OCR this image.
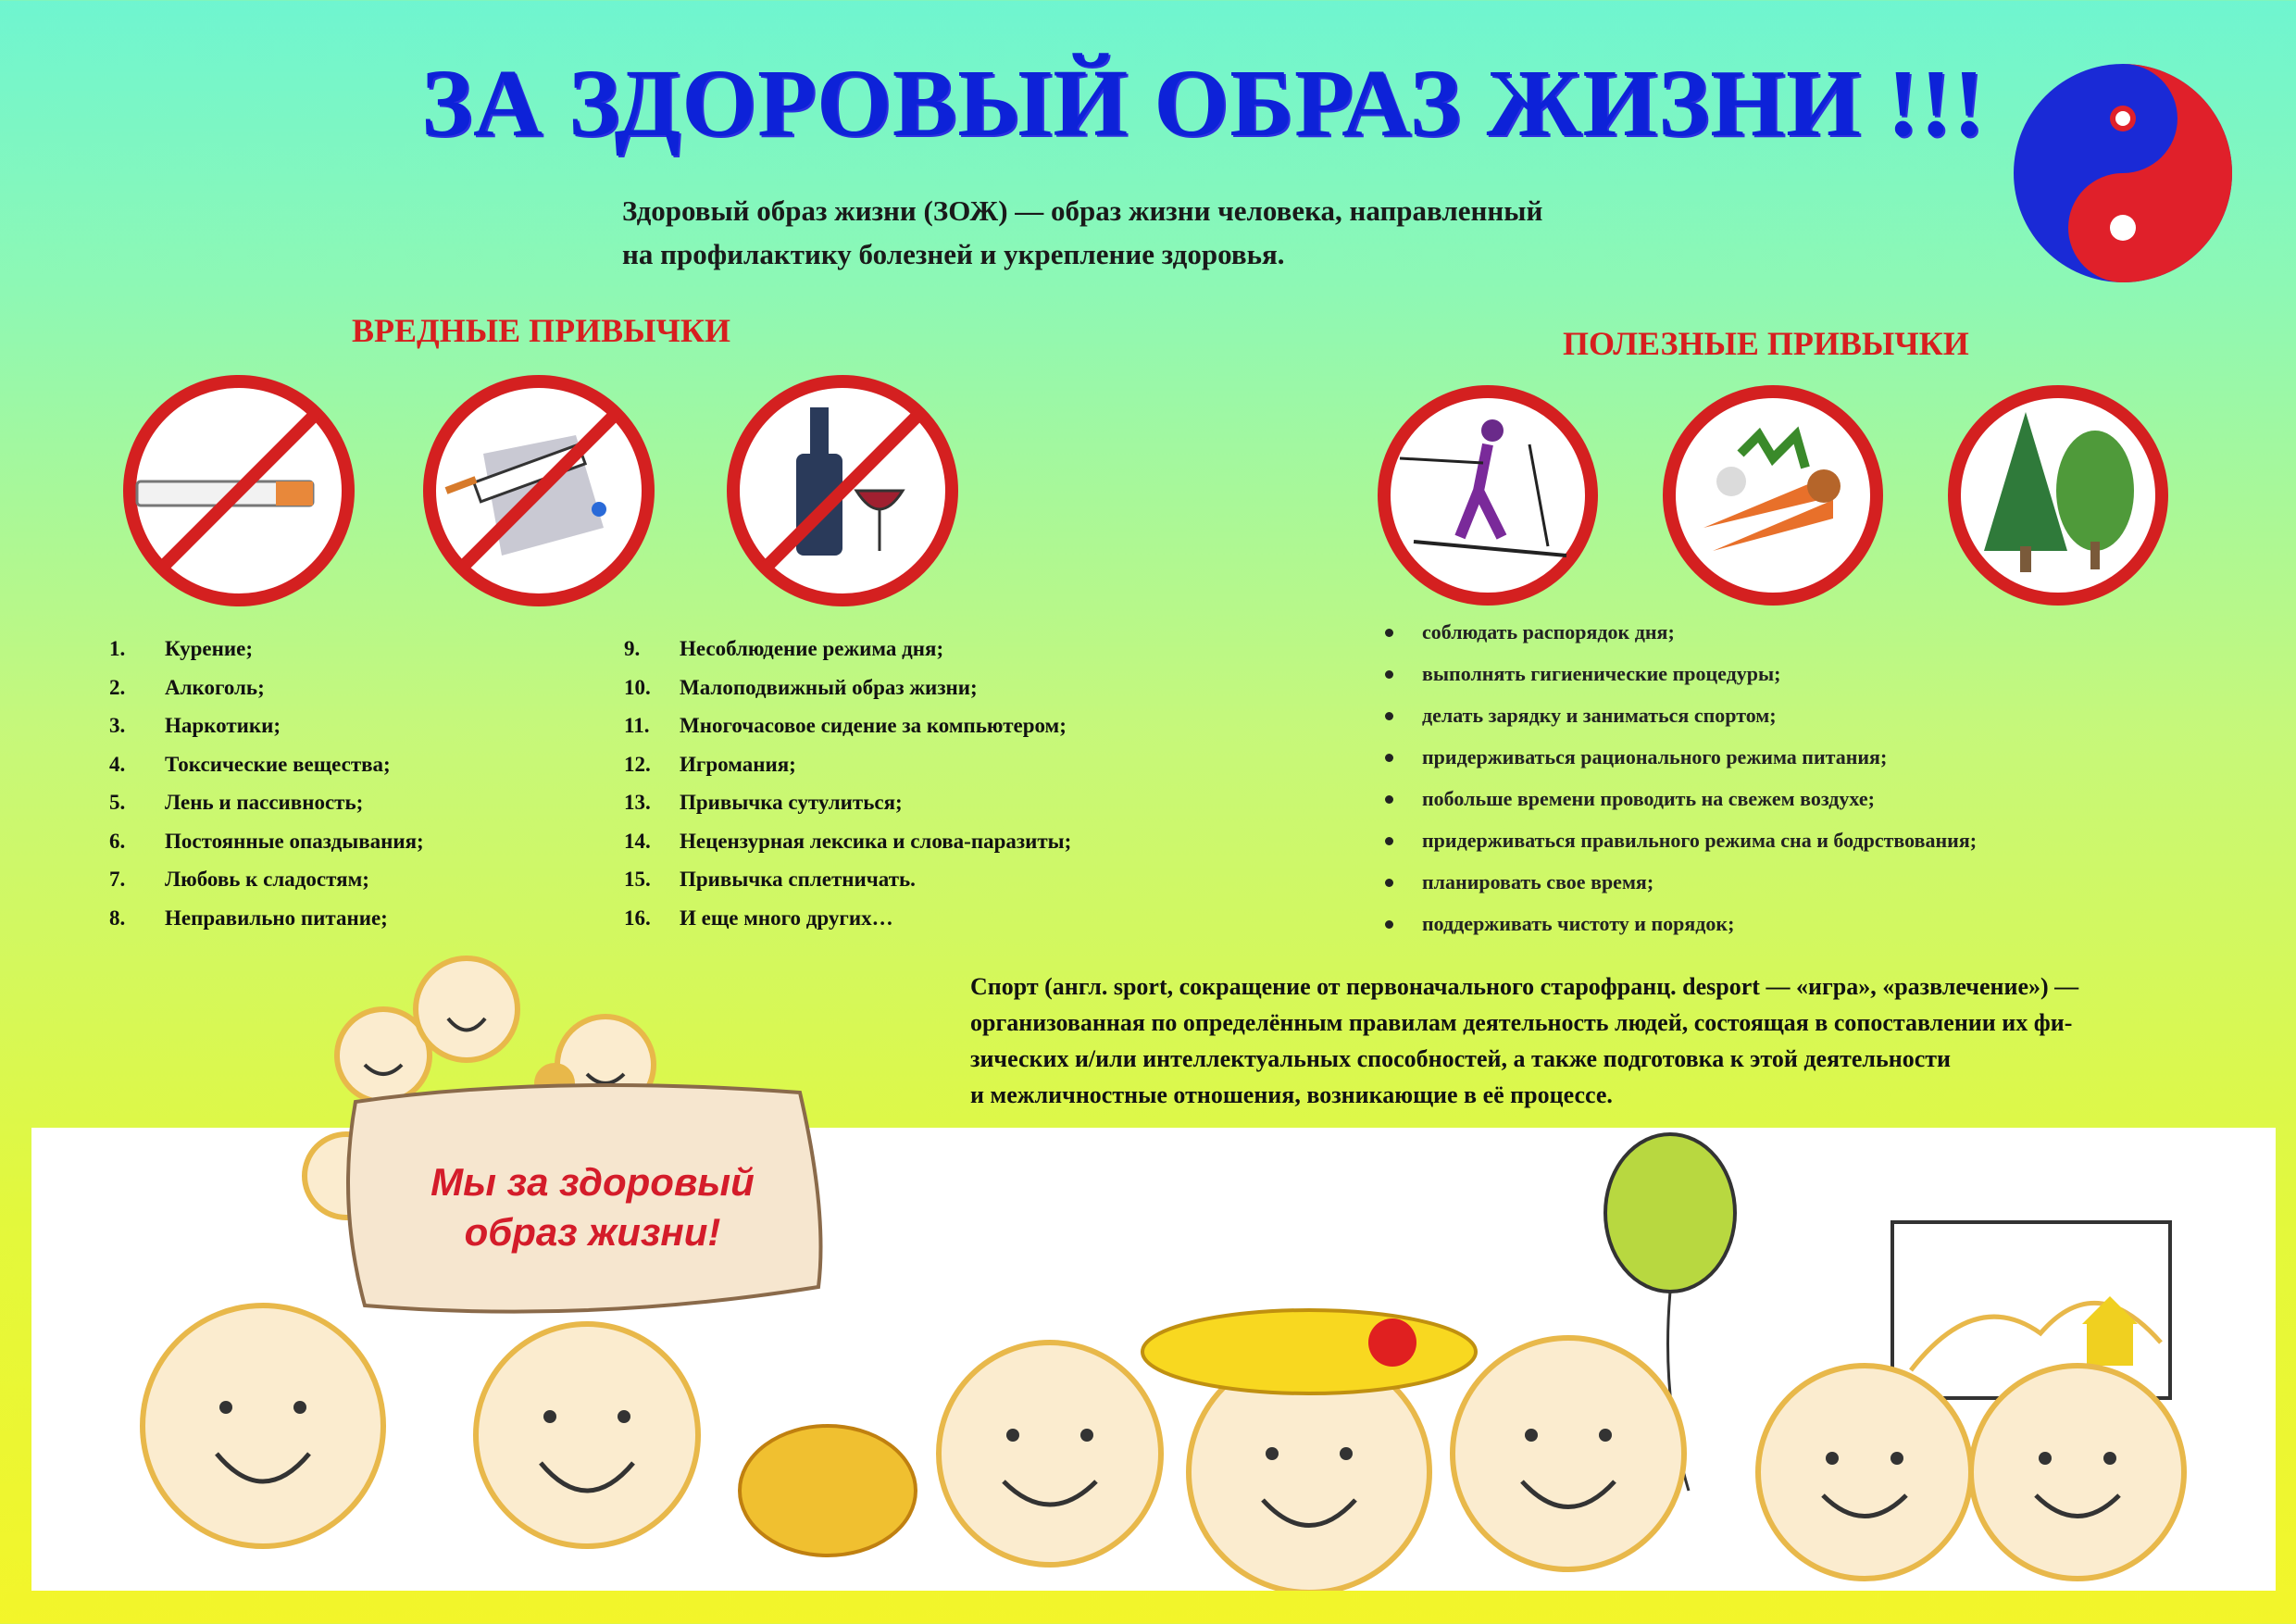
ЗА ЗДОРОВЫЙ ОБРАЗ ЖИЗНИ !!!
Здоровый образ жизни (ЗОЖ) — образ жизни человека, направленный
на профилактику болезней и укрепление здоровья.
ВРЕДНЫЕ ПРИВЫЧКИ	ПОЛЕЗНЫЕ ПРИВЫЧКИ
1.	Курение;
2.	Алкоголь;
3.	Наркотики;
4.	Токсические вещества;
5.	Лень и пассивность;
6.	Постоянные опаздывания;
7.	Любовь к сладостям;
8.	Неправильно питание;
9.	Несоблюдение режима дня;
10.	Малоподвижный образ жизни;
11.	Многочасовое сидение за компьютером;
12.	Игромания;
13.	Привычка сутулиться;
14.	Нецензурная лексика и слова-паразиты;
15.	Привычка сплетничать.
16.	И еще много других…
соблюдать распорядок дня;
выполнять гигиенические процедуры;
делать зарядку и заниматься спортом;
придерживаться рационального режима питания;
побольше времени проводить на свежем воздухе;
придерживаться правильного режима сна и бодрствования;
планировать свое время;
поддерживать чистоту и порядок;
Спорт (англ. sport, сокращение от первоначального старофранц. desport — «игра», «развлечение») —
организованная по определённым правилам деятельность людей, состоящая в сопоставлении их фи-
зических и/или интеллектуальных способностей, а также подготовка к этой деятельности
и межличностные отношения, возникающие в её процессе.
Мы за здоровый
образ жизни!
